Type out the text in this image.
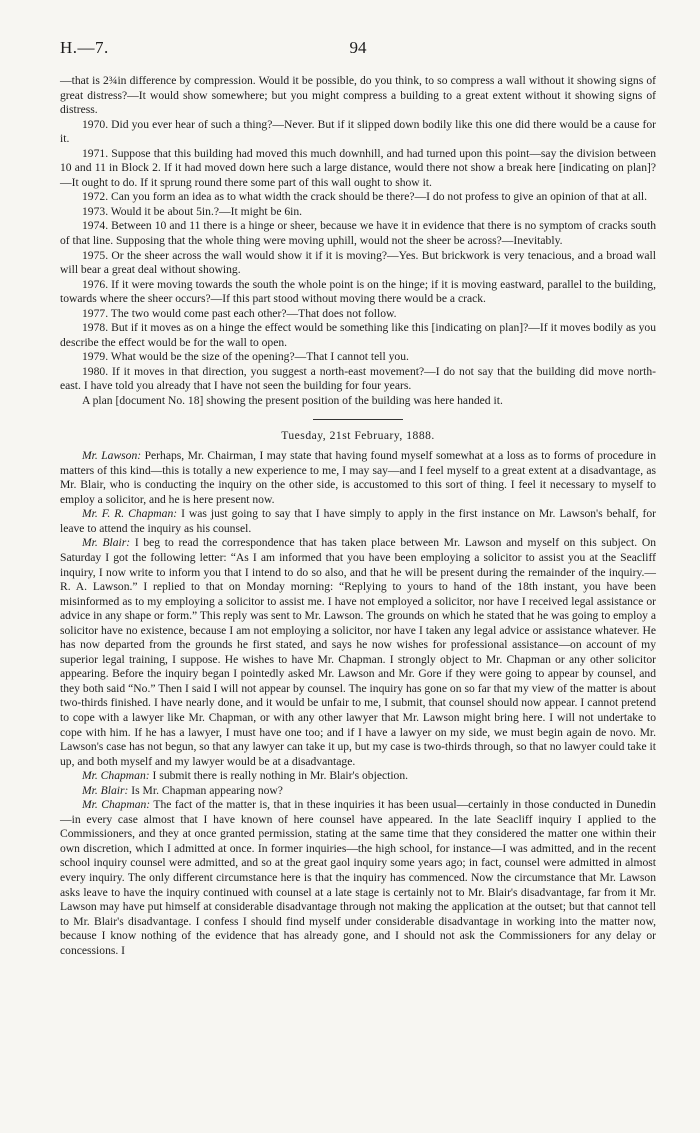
H.—7.	94

—that is 2¾in difference by compression. Would it be possible, do you think, to so compress a wall without it showing signs of great distress?—It would show somewhere; but you might compress a building to a great extent without it showing signs of distress.

1970. Did you ever hear of such a thing?—Never. But if it slipped down bodily like this one did there would be a cause for it.

1971. Suppose that this building had moved this much downhill, and had turned upon this point—say the division between 10 and 11 in Block 2. If it had moved down here such a large distance, would there not show a break here [indicating on plan]?—It ought to do. If it sprung round there some part of this wall ought to show it.

1972. Can you form an idea as to what width the crack should be there?—I do not profess to give an opinion of that at all.

1973. Would it be about 5in.?—It might be 6in.

1974. Between 10 and 11 there is a hinge or sheer, because we have it in evidence that there is no symptom of cracks south of that line. Supposing that the whole thing were moving uphill, would not the sheer be across?—Inevitably.

1975. Or the sheer across the wall would show it if it is moving?—Yes. But brickwork is very tenacious, and a broad wall will bear a great deal without showing.

1976. If it were moving towards the south the whole point is on the hinge; if it is moving eastward, parallel to the building, towards where the sheer occurs?—If this part stood without moving there would be a crack.

1977. The two would come past each other?—That does not follow.

1978. But if it moves as on a hinge the effect would be something like this [indicating on plan]?—If it moves bodily as you describe the effect would be for the wall to open.

1979. What would be the size of the opening?—That I cannot tell you.

1980. If it moves in that direction, you suggest a north-east movement?—I do not say that the building did move north-east. I have told you already that I have not seen the building for four years.

A plan [document No. 18] showing the present position of the building was here handed it.

Tuesday, 21st February, 1888.

Mr. Lawson: Perhaps, Mr. Chairman, I may state that having found myself somewhat at a loss as to forms of procedure in matters of this kind—this is totally a new experience to me, I may say—and I feel myself to a great extent at a disadvantage, as Mr. Blair, who is conducting the inquiry on the other side, is accustomed to this sort of thing. I feel it necessary to myself to employ a solicitor, and he is here present now.

Mr. F. R. Chapman: I was just going to say that I have simply to apply in the first instance on Mr. Lawson's behalf, for leave to attend the inquiry as his counsel.

Mr. Blair: I beg to read the correspondence that has taken place between Mr. Lawson and myself on this subject. On Saturday I got the following letter: “As I am informed that you have been employing a solicitor to assist you at the Seacliff inquiry, I now write to inform you that I intend to do so also, and that he will be present during the remainder of the inquiry.—R. A. Lawson.” I replied to that on Monday morning: “Replying to yours to hand of the 18th instant, you have been misinformed as to my employing a solicitor to assist me. I have not employed a solicitor, nor have I received legal assistance or advice in any shape or form.” This reply was sent to Mr. Lawson. The grounds on which he stated that he was going to employ a solicitor have no existence, because I am not employing a solicitor, nor have I taken any legal advice or assistance whatever. He has now departed from the grounds he first stated, and says he now wishes for professional assistance—on account of my superior legal training, I suppose. He wishes to have Mr. Chapman. I strongly object to Mr. Chapman or any other solicitor appearing. Before the inquiry began I pointedly asked Mr. Lawson and Mr. Gore if they were going to appear by counsel, and they both said “No.” Then I said I will not appear by counsel. The inquiry has gone on so far that my view of the matter is about two-thirds finished. I have nearly done, and it would be unfair to me, I submit, that counsel should now appear. I cannot pretend to cope with a lawyer like Mr. Chapman, or with any other lawyer that Mr. Lawson might bring here. I will not undertake to cope with him. If he has a lawyer, I must have one too; and if I have a lawyer on my side, we must begin again de novo. Mr. Lawson's case has not begun, so that any lawyer can take it up, but my case is two-thirds through, so that no lawyer could take it up, and both myself and my lawyer would be at a disadvantage.

Mr. Chapman: I submit there is really nothing in Mr. Blair's objection.

Mr. Blair: Is Mr. Chapman appearing now?

Mr. Chapman: The fact of the matter is, that in these inquiries it has been usual—certainly in those conducted in Dunedin—in every case almost that I have known of here counsel have appeared. In the late Seacliff inquiry I applied to the Commissioners, and they at once granted permission, stating at the same time that they considered the matter one within their own discretion, which I admitted at once. In former inquiries—the high school, for instance—I was admitted, and in the recent school inquiry counsel were admitted, and so at the great gaol inquiry some years ago; in fact, counsel were admitted in almost every inquiry. The only different circumstance here is that the inquiry has commenced. Now the circumstance that Mr. Lawson asks leave to have the inquiry continued with counsel at a late stage is certainly not to Mr. Blair's disadvantage, far from it Mr. Lawson may have put himself at considerable disadvantage through not making the application at the outset; but that cannot tell to Mr. Blair's disadvantage. I confess I should find myself under considerable disadvantage in working into the matter now, because I know nothing of the evidence that has already gone, and I should not ask the Commissioners for any delay or concessions. I
